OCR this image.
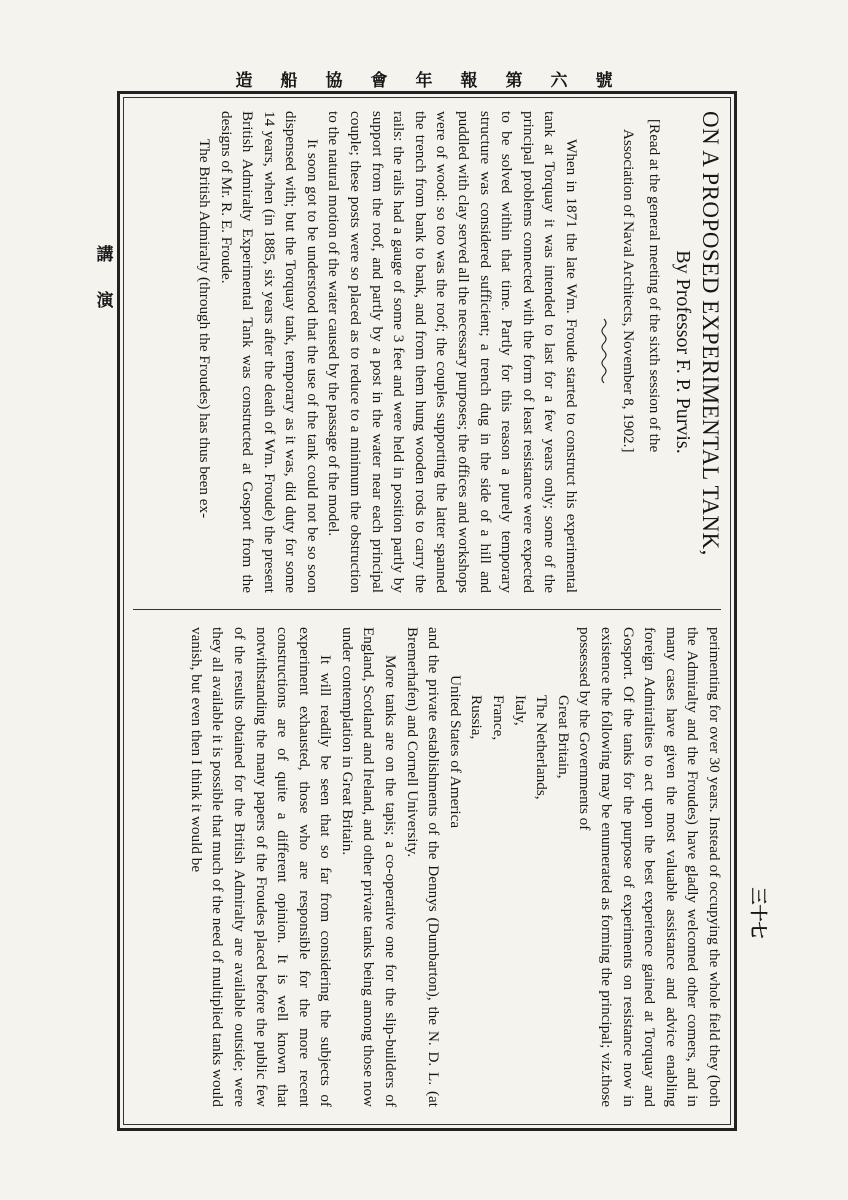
造船協會年報第六號
講
演
三十七

ON A PROPOSED EXPERIMENTAL TANK,

By Professor F. P. Purvis.

[Read at the general meeting of the sixth session of the

Association of Naval Architects, November 8, 1902.]

When in 1871 the late Wm. Froude started to construct his experimental tank at Torquay it was intended to last for a few years only; some of the principal problems connected with the form of least resistance were expected to be solved within that time. Partly for this reason a purely temporary structure was considered sufficient; a trench dug in the side of a hill and puddled with clay served all the necessary purposes; the offices and workshops were of wood: so too was the roof; the couples supporting the latter spanned the trench from bank to bank, and from them hung wooden rods to carry the rails: the rails had a gauge of some 3 feet and were held in position partly by support from the roof, and partly by a post in the water near each principal couple; these posts were so placed as to reduce to a minimum the obstruction to the natural motion of the water caused by the passage of the model.

It soon got to be understood that the use of the tank could not be so soon dispensed with; but the Torquay tank, temporary as it was, did duty for some 14 years, when (in 1885, six years after the death of Wm. Froude) the present British Admiralty Experimental Tank was constructed at Gosport from the designs of Mr. R. E. Froude.

The British Admiralty (through the Froudes) has thus been ex-

perimenting for over 30 years. Instead of occupying the whole field they (both the Admiralty and the Froudes) have gladly welcomed other comers, and in many cases have given the most valuable assistance and advice enabling foreign Admiralties to act upon the best experience gained at Torquay and Gosport. Of the tanks for the purpose of experiments on resistance now in existence the following may be enumerated as forming the principal; viz.those possessed by the Governments of

Great Britain,
The Netherlands,
Italy,
France,
Russia,
United States of America

and the private establishments of the Dennys (Dumbarton), the N. D. L. (at Bremerhafen) and Cornell University.

More tanks are on the tapis; a co-operative one for the slip-builders of England, Scotland and Ireland, and other private tanks being among those now under contemplation in Great Britain.

It will readily be seen that so far from considering the subjects of experiment exhausted, those who are responsible for the more recent constructions are of quite a different opinion. It is well known that notwithstanding the many papers of the Froudes placed before the public few of the results obtained for the British Admiralty are available outside; were they all available it is possible that much of the need of multiplied tanks would vanish, but even then I think it would be
